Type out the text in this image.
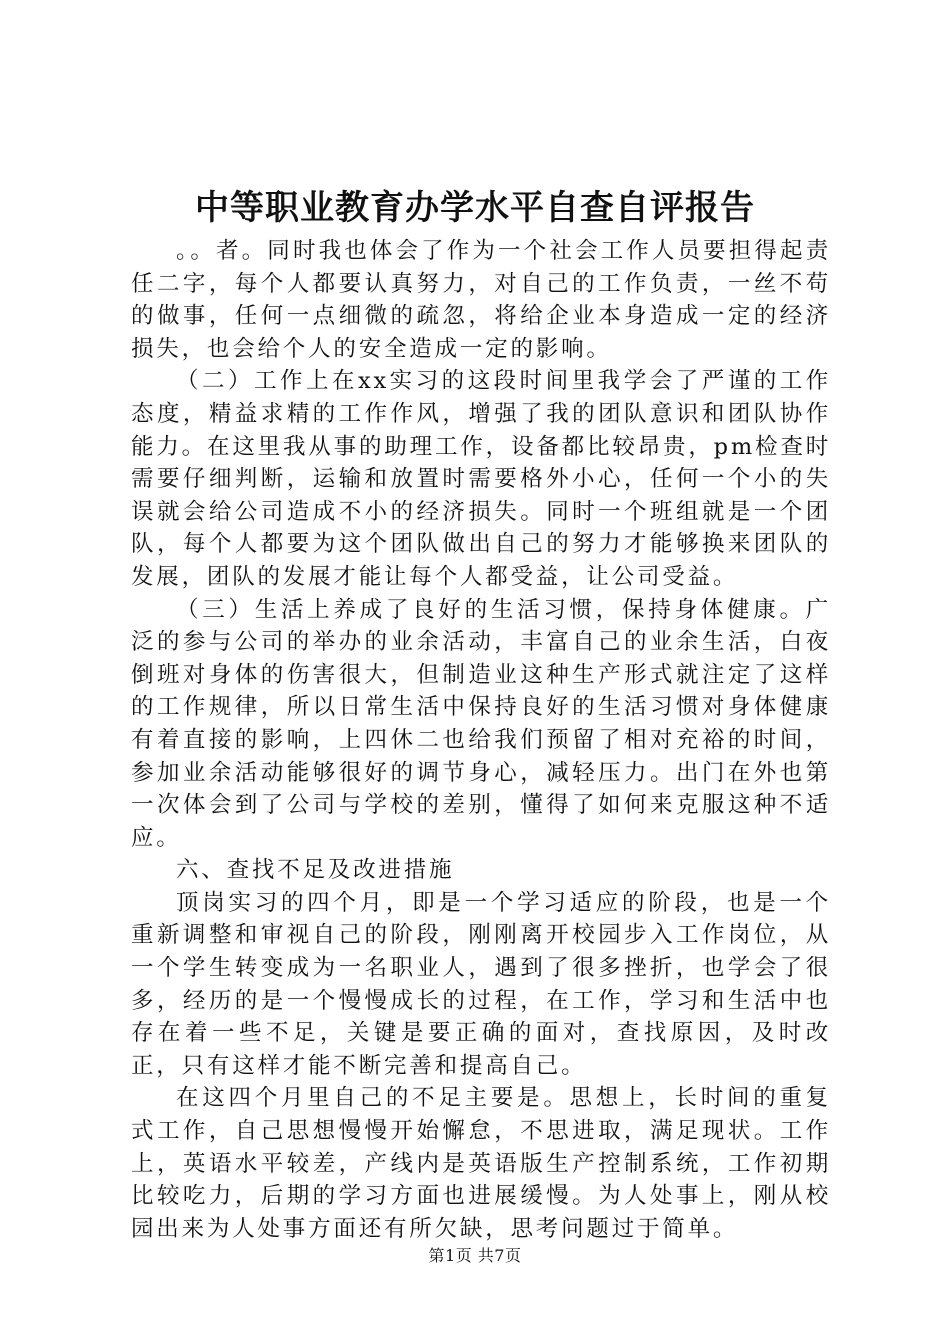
中等职业教育办学水平自查自评报告

。。者。同时我也体会了作为一个社会工作人员要担得起责任二字，每个人都要认真努力，对自己的工作负责，一丝不苟的做事，任何一点细微的疏忽，将给企业本身造成一定的经济损失，也会给个人的安全造成一定的影响。

（二）工作上在xx实习的这段时间里我学会了严谨的工作态度，精益求精的工作作风，增强了我的团队意识和团队协作能力。在这里我从事的助理工作，设备都比较昂贵，pm检查时需要仔细判断，运输和放置时需要格外小心，任何一个小的失误就会给公司造成不小的经济损失。同时一个班组就是一个团队，每个人都要为这个团队做出自己的努力才能够换来团队的发展，团队的发展才能让每个人都受益，让公司受益。

（三）生活上养成了良好的生活习惯，保持身体健康。广泛的参与公司的举办的业余活动，丰富自己的业余生活，白夜倒班对身体的伤害很大，但制造业这种生产形式就注定了这样的工作规律，所以日常生活中保持良好的生活习惯对身体健康有着直接的影响，上四休二也给我们预留了相对充裕的时间，参加业余活动能够很好的调节身心，减轻压力。出门在外也第一次体会到了公司与学校的差别，懂得了如何来克服这种不适应。

六、查找不足及改进措施

顶岗实习的四个月，即是一个学习适应的阶段，也是一个重新调整和审视自己的阶段，刚刚离开校园步入工作岗位，从一个学生转变成为一名职业人，遇到了很多挫折，也学会了很多，经历的是一个慢慢成长的过程，在工作，学习和生活中也存在着一些不足，关键是要正确的面对，查找原因，及时改正，只有这样才能不断完善和提高自己。

在这四个月里自己的不足主要是。思想上，长时间的重复式工作，自己思想慢慢开始懈怠，不思进取，满足现状。工作上，英语水平较差，产线内是英语版生产控制系统，工作初期比较吃力，后期的学习方面也进展缓慢。为人处事上，刚从校园出来为人处事方面还有所欠缺，思考问题过于简单。

第1页 共7页
